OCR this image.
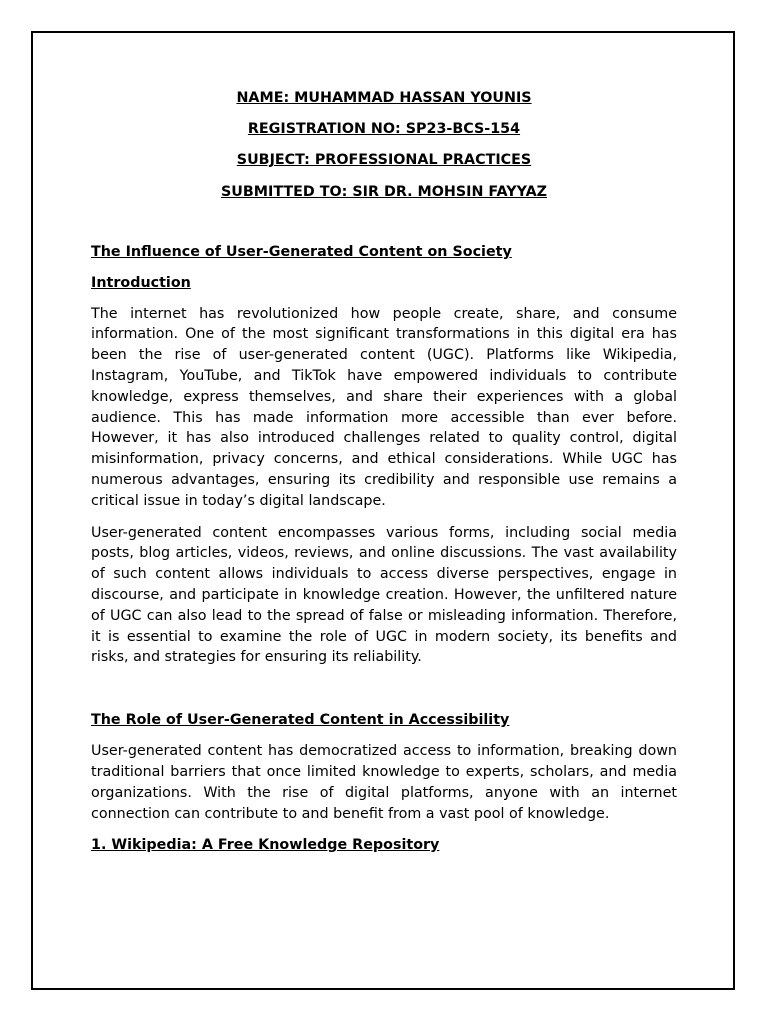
NAME: MUHAMMAD HASSAN YOUNIS
REGISTRATION NO: SP23-BCS-154
SUBJECT: PROFESSIONAL PRACTICES
SUBMITTED TO: SIR DR. MOHSIN FAYYAZ
The Influence of User-Generated Content on Society
Introduction

The internet has revolutionized how people create, share, and consume information. One of the most significant transformations in this digital era has been the rise of user-generated content (UGC). Platforms like Wikipedia, Instagram, YouTube, and TikTok have empowered individuals to contribute knowledge, express themselves, and share their experiences with a global audience. This has made information more accessible than ever before. However, it has also introduced challenges related to quality control, digital misinformation, privacy concerns, and ethical considerations. While UGC has numerous advantages, ensuring its credibility and responsible use remains a critical issue in today’s digital landscape.

User-generated content encompasses various forms, including social media posts, blog articles, videos, reviews, and online discussions. The vast availability of such content allows individuals to access diverse perspectives, engage in discourse, and participate in knowledge creation. However, the unfiltered nature of UGC can also lead to the spread of false or misleading information. Therefore, it is essential to examine the role of UGC in modern society, its benefits and risks, and strategies for ensuring its reliability.

The Role of User-Generated Content in Accessibility

User-generated content has democratized access to information, breaking down traditional barriers that once limited knowledge to experts, scholars, and media organizations. With the rise of digital platforms, anyone with an internet connection can contribute to and benefit from a vast pool of knowledge.

1. Wikipedia: A Free Knowledge Repository
